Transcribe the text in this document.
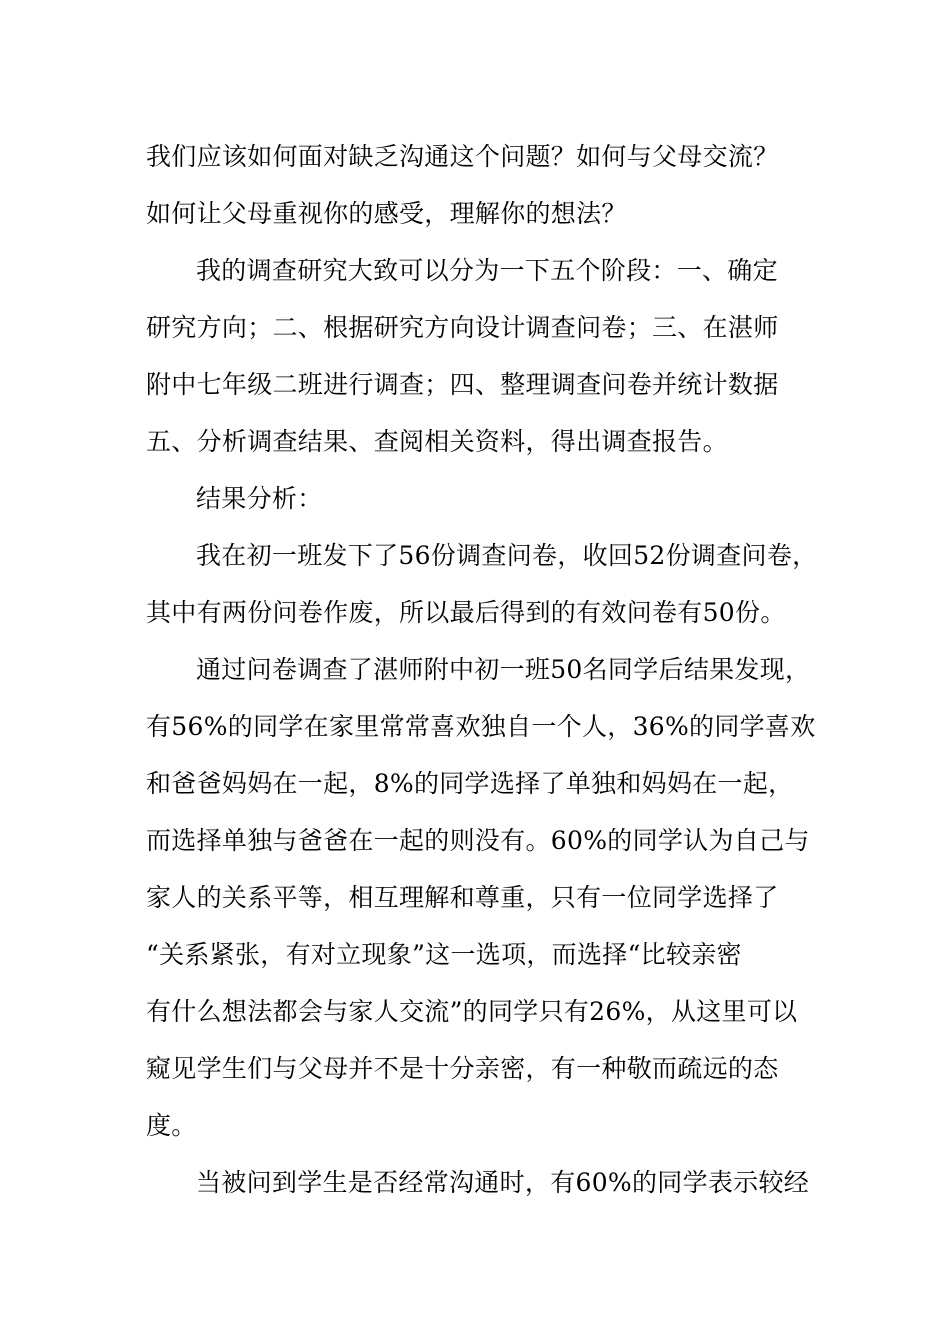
我们应该如何面对缺乏沟通这个问题？如何与父母交流？
如何让父母重视你的感受，理解你的想法？
我的调查研究大致可以分为一下五个阶段：一、确定
研究方向；二、根据研究方向设计调查问卷；三、在湛师
附中七年级二班进行调查；四、整理调查问卷并统计数据
五、分析调查结果、查阅相关资料，得出调查报告。
结果分析：
我在初一班发下了56份调查问卷，收回52份调查问卷，
其中有两份问卷作废，所以最后得到的有效问卷有50份。
通过问卷调查了湛师附中初一班50名同学后结果发现，
有56%的同学在家里常常喜欢独自一个人，36%的同学喜欢
和爸爸妈妈在一起，8%的同学选择了单独和妈妈在一起，
而选择单独与爸爸在一起的则没有。60%的同学认为自己与
家人的关系平等，相互理解和尊重，只有一位同学选择了
“关系紧张，有对立现象”这一选项，而选择“比较亲密
有什么想法都会与家人交流”的同学只有26%，从这里可以
窥见学生们与父母并不是十分亲密，有一种敬而疏远的态
度。
当被问到学生是否经常沟通时，有60%的同学表示较经
